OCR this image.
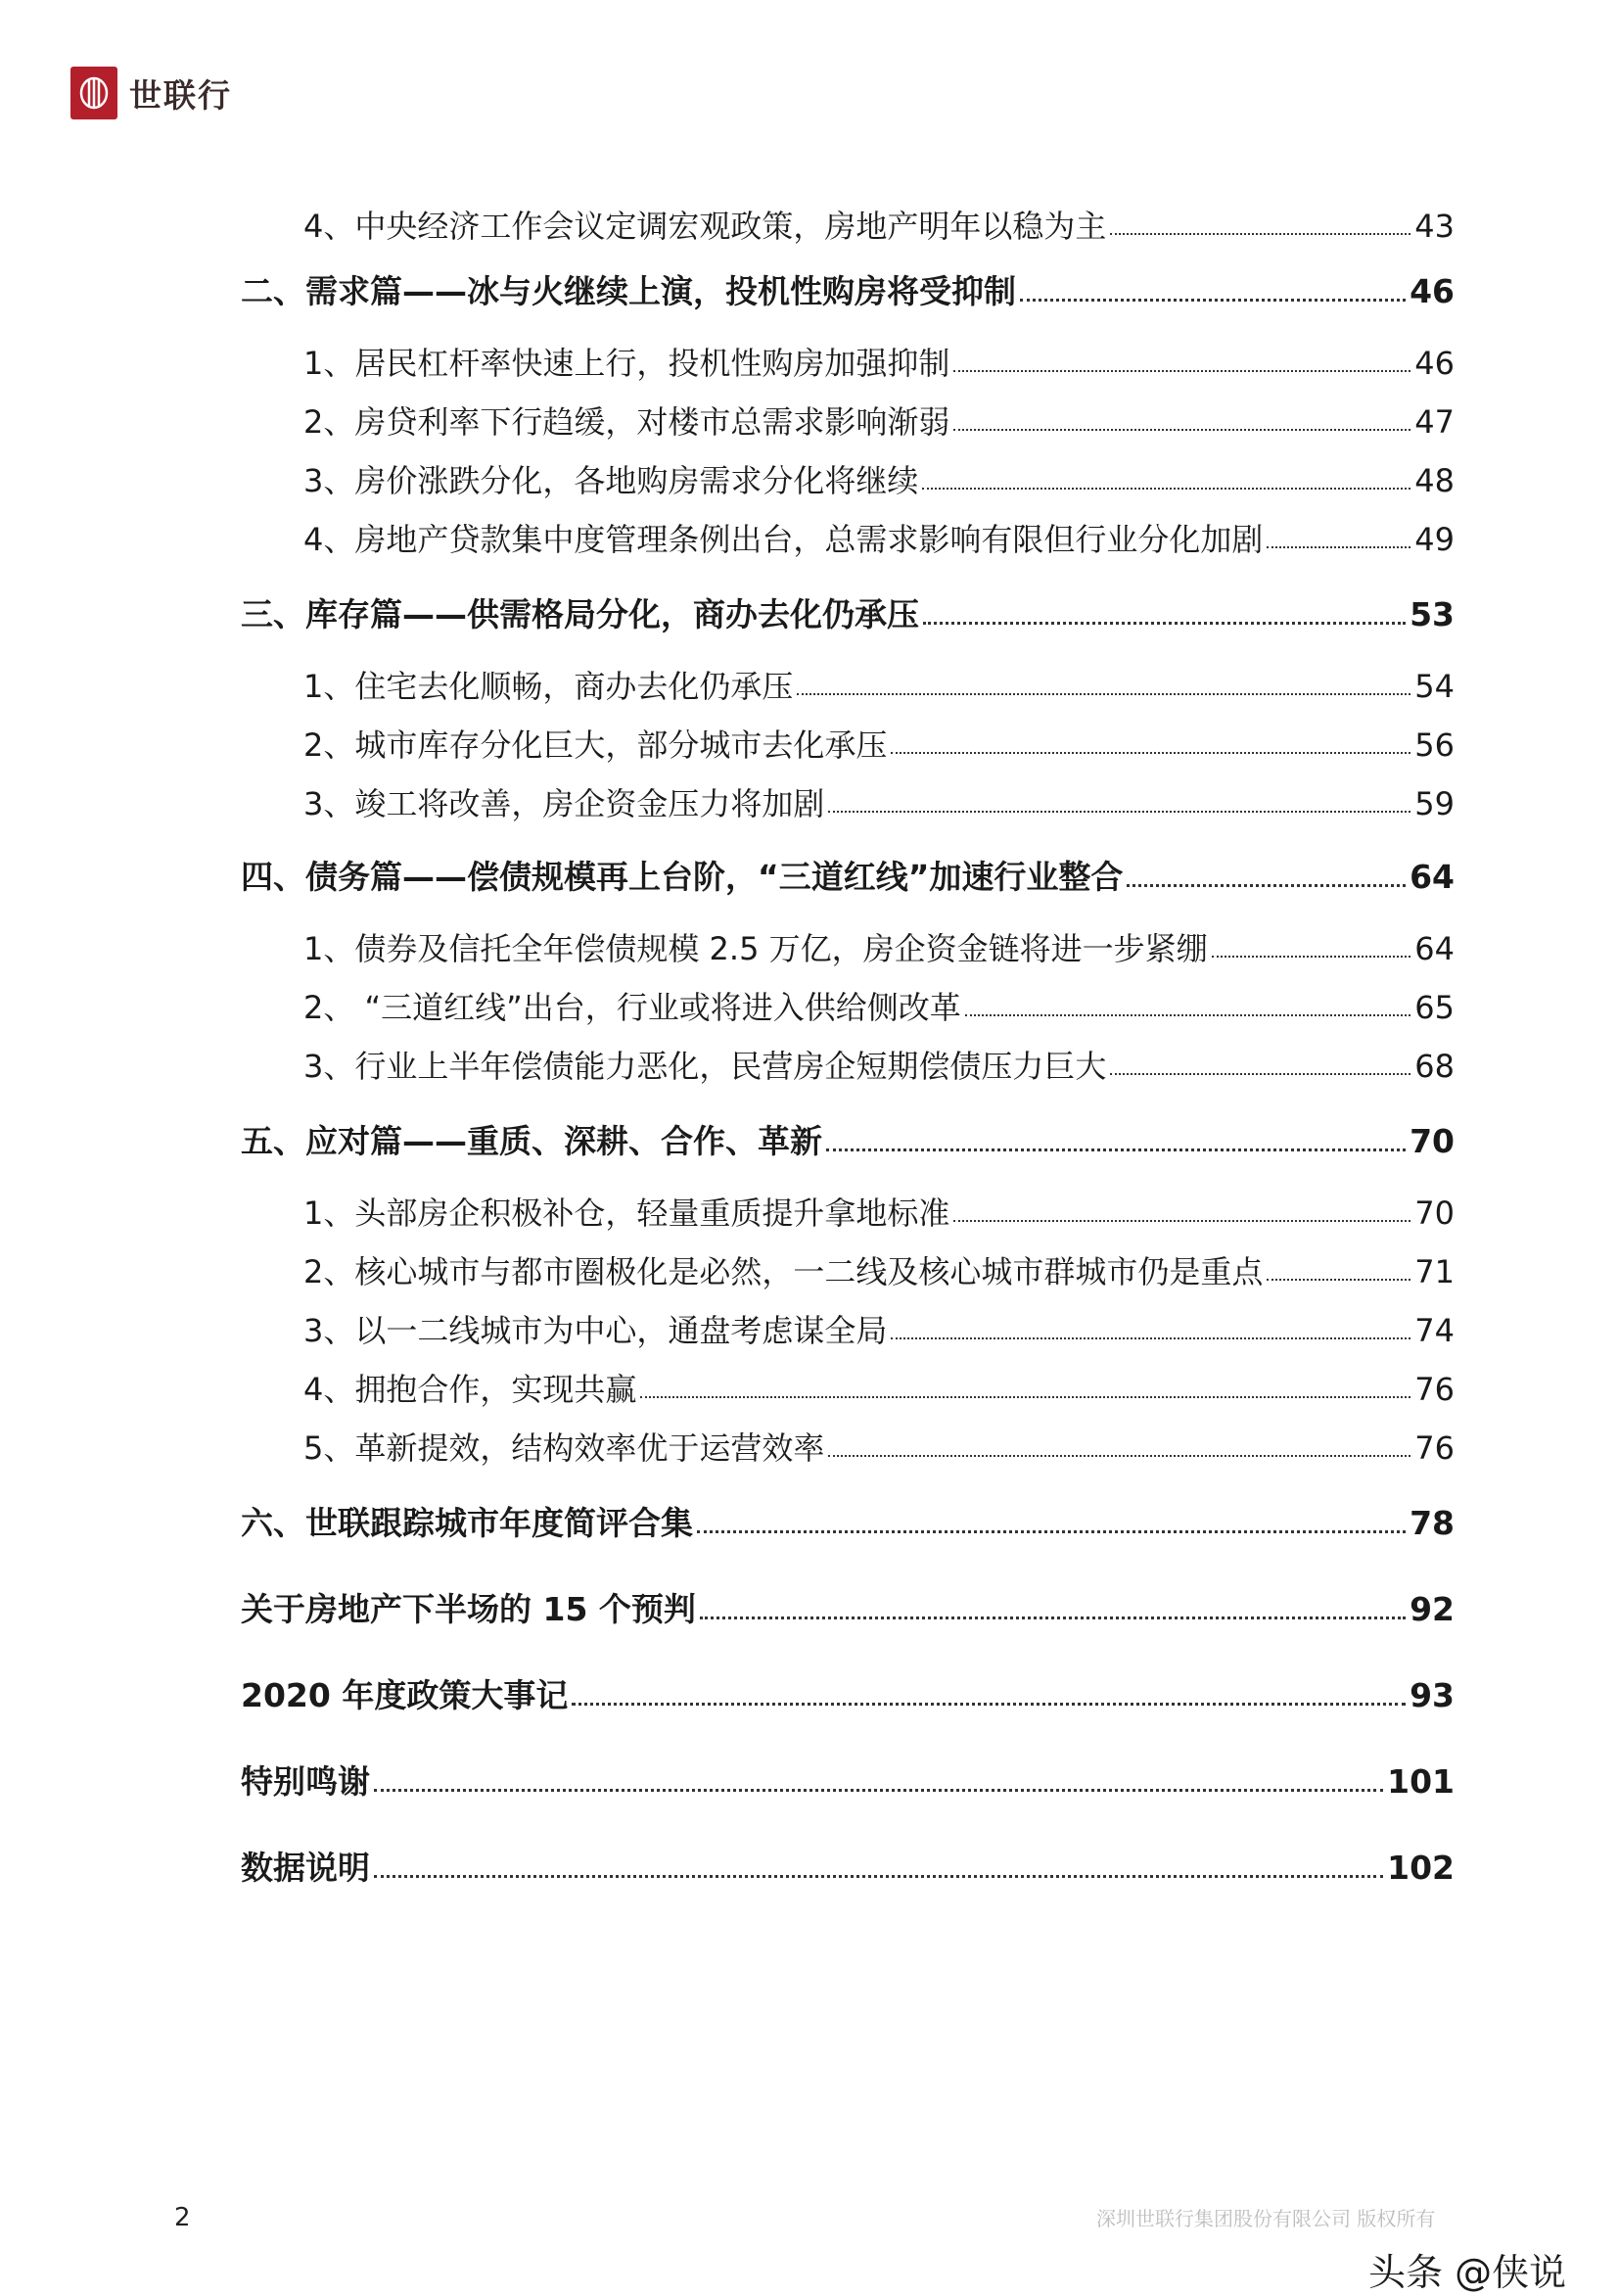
世联行
4、中央经济工作会议定调宏观政策，房地产明年以稳为主	43
二、需求篇——冰与火继续上演，投机性购房将受抑制	46
1、居民杠杆率快速上行，投机性购房加强抑制	46
2、房贷利率下行趋缓，对楼市总需求影响渐弱	47
3、房价涨跌分化，各地购房需求分化将继续	48
4、房地产贷款集中度管理条例出台，总需求影响有限但行业分化加剧	49
三、库存篇——供需格局分化，商办去化仍承压	53
1、住宅去化顺畅，商办去化仍承压	54
2、城市库存分化巨大，部分城市去化承压	56
3、竣工将改善，房企资金压力将加剧	59
四、债务篇——偿债规模再上台阶，“三道红线”加速行业整合	64
1、债券及信托全年偿债规模 2.5 万亿，房企资金链将进一步紧绷	64
2、 “三道红线”出台，行业或将进入供给侧改革	65
3、行业上半年偿债能力恶化，民营房企短期偿债压力巨大	68
五、应对篇——重质、深耕、合作、革新	70
1、头部房企积极补仓，轻量重质提升拿地标准	70
2、核心城市与都市圈极化是必然，一二线及核心城市群城市仍是重点	71
3、以一二线城市为中心，通盘考虑谋全局	74
4、拥抱合作，实现共赢	76
5、革新提效，结构效率优于运营效率	76
六、世联跟踪城市年度简评合集	78
关于房地产下半场的 15 个预判	92
2020 年度政策大事记	93
特别鸣谢	101
数据说明	102
2	深圳世联行集团股份有限公司 版权所有
头条 @侠说
